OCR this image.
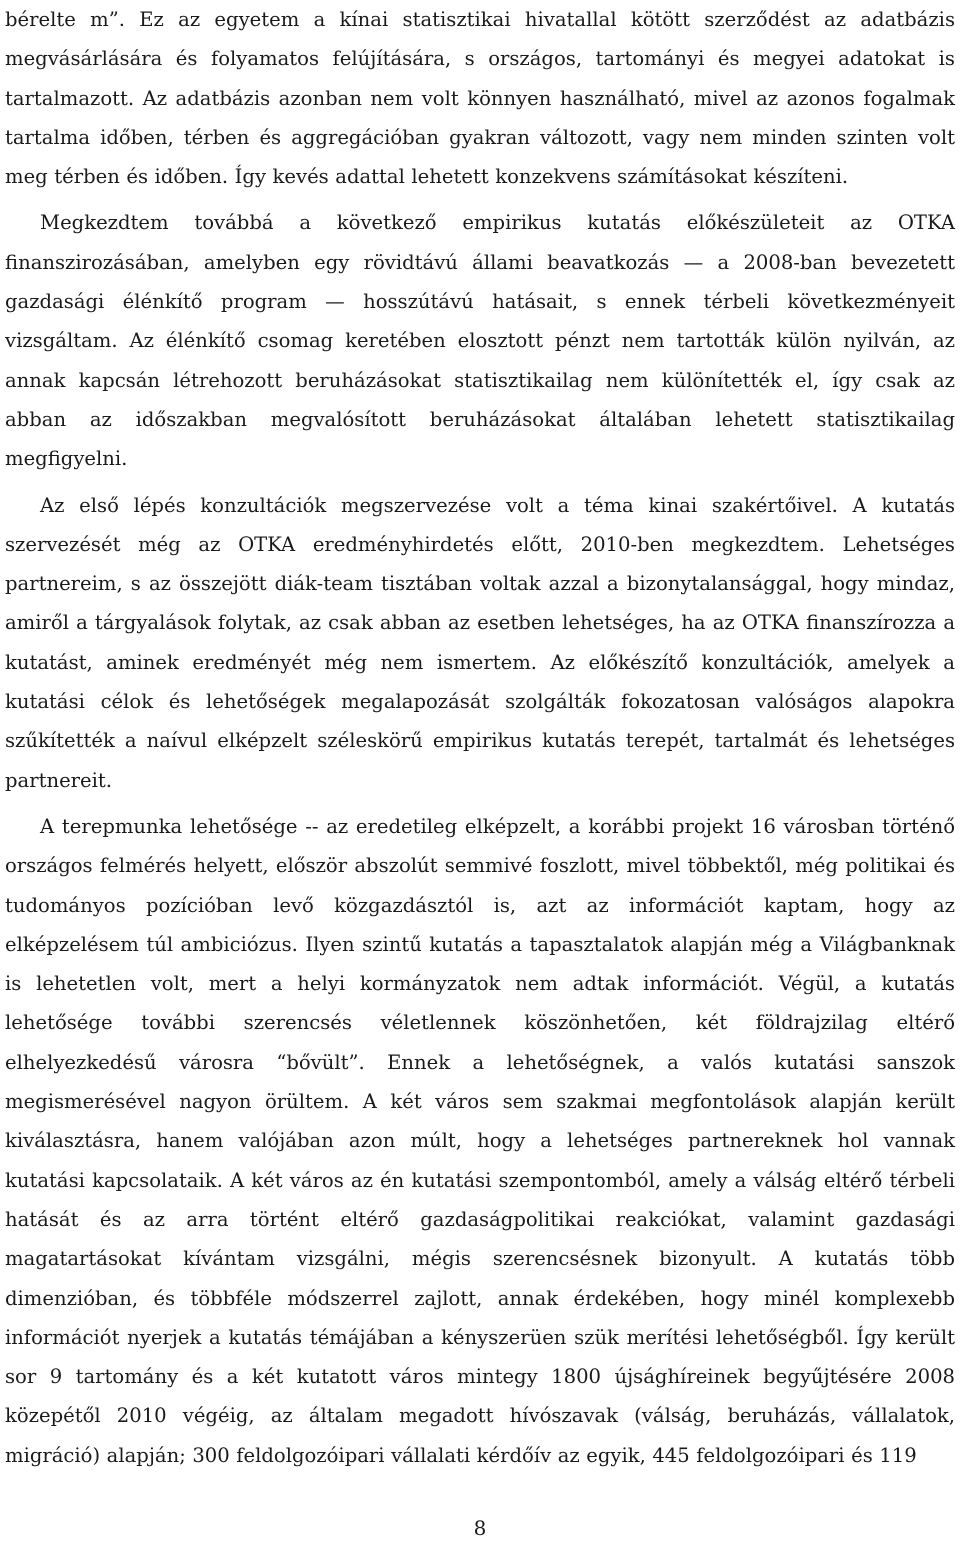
bérelte m”. Ez az egyetem a kínai statisztikai hivatallal kötött szerződést az adatbázis megvásárlására és folyamatos felújítására, s országos, tartományi és megyei adatokat is tartalmazott. Az adatbázis azonban nem volt könnyen használható, mivel az azonos fogalmak tartalma időben, térben és aggregációban gyakran változott, vagy nem minden szinten volt meg térben és időben. Így kevés adattal lehetett konzekvens számításokat készíteni.

Megkezdtem továbbá a következő empirikus kutatás előkészületeit az OTKA finanszirozásában, amelyben egy rövidtávú állami beavatkozás — a 2008-ban bevezetett gazdasági élénkítő program — hosszútávú hatásait, s ennek térbeli következményeit vizsgáltam. Az élénkítő csomag keretében elosztott pénzt nem tartották külön nyilván, az annak kapcsán létrehozott beruházásokat statisztikailag nem különítették el, így csak az abban az időszakban megvalósított beruházásokat általában lehetett statisztikailag megfigyelni.

Az első lépés konzultációk megszervezése volt a téma kinai szakértőivel. A kutatás szervezését még az OTKA eredményhirdetés előtt, 2010-ben megkezdtem. Lehetséges partnereim, s az összejött diák-team tisztában voltak azzal a bizonytalansággal, hogy mindaz, amiről a tárgyalások folytak, az csak abban az esetben lehetséges, ha az OTKA finanszírozza a kutatást, aminek eredményét még nem ismertem. Az előkészítő konzultációk, amelyek a kutatási célok és lehetőségek megalapozását szolgálták fokozatosan valóságos alapokra szűkítették a naívul elképzelt széleskörű empirikus kutatás terepét, tartalmát és lehetséges partnereit.

A terepmunka lehetősége -- az eredetileg elképzelt, a korábbi projekt 16 városban történő országos felmérés helyett, először abszolút semmivé foszlott, mivel többektől, még politikai és tudományos pozícióban levő közgazdásztól is, azt az információt kaptam, hogy az elképzelésem túl ambiciózus. Ilyen szintű kutatás a tapasztalatok alapján még a Világbanknak is lehetetlen volt, mert a helyi kormányzatok nem adtak információt. Végül, a kutatás lehetősége további szerencsés véletlennek köszönhetően, két földrajzilag eltérő elhelyezkedésű városra “bővült”. Ennek a lehetőségnek, a valós kutatási sanszok megismerésével nagyon örültem. A két város sem szakmai megfontolások alapján került kiválasztásra, hanem valójában azon múlt, hogy a lehetséges partnereknek hol vannak kutatási kapcsolataik. A két város az én kutatási szempontomból, amely a válság eltérő térbeli hatását és az arra történt eltérő gazdaságpolitikai reakciókat, valamint gazdasági magatartásokat kívántam vizsgálni, mégis szerencsésnek bizonyult. A kutatás több dimenzióban, és többféle módszerrel zajlott, annak érdekében, hogy minél komplexebb információt nyerjek a kutatás témájában a kényszerüen szük merítési lehetőségből. Így került sor 9 tartomány és a két kutatott város mintegy 1800 újsághíreinek begyűjtésére 2008 közepétől 2010 végéig, az általam megadott hívószavak (válság, beruházás, vállalatok, migráció) alapján; 300 feldolgozóipari vállalati kérdőív az egyik, 445 feldolgozóipari és 119

8
